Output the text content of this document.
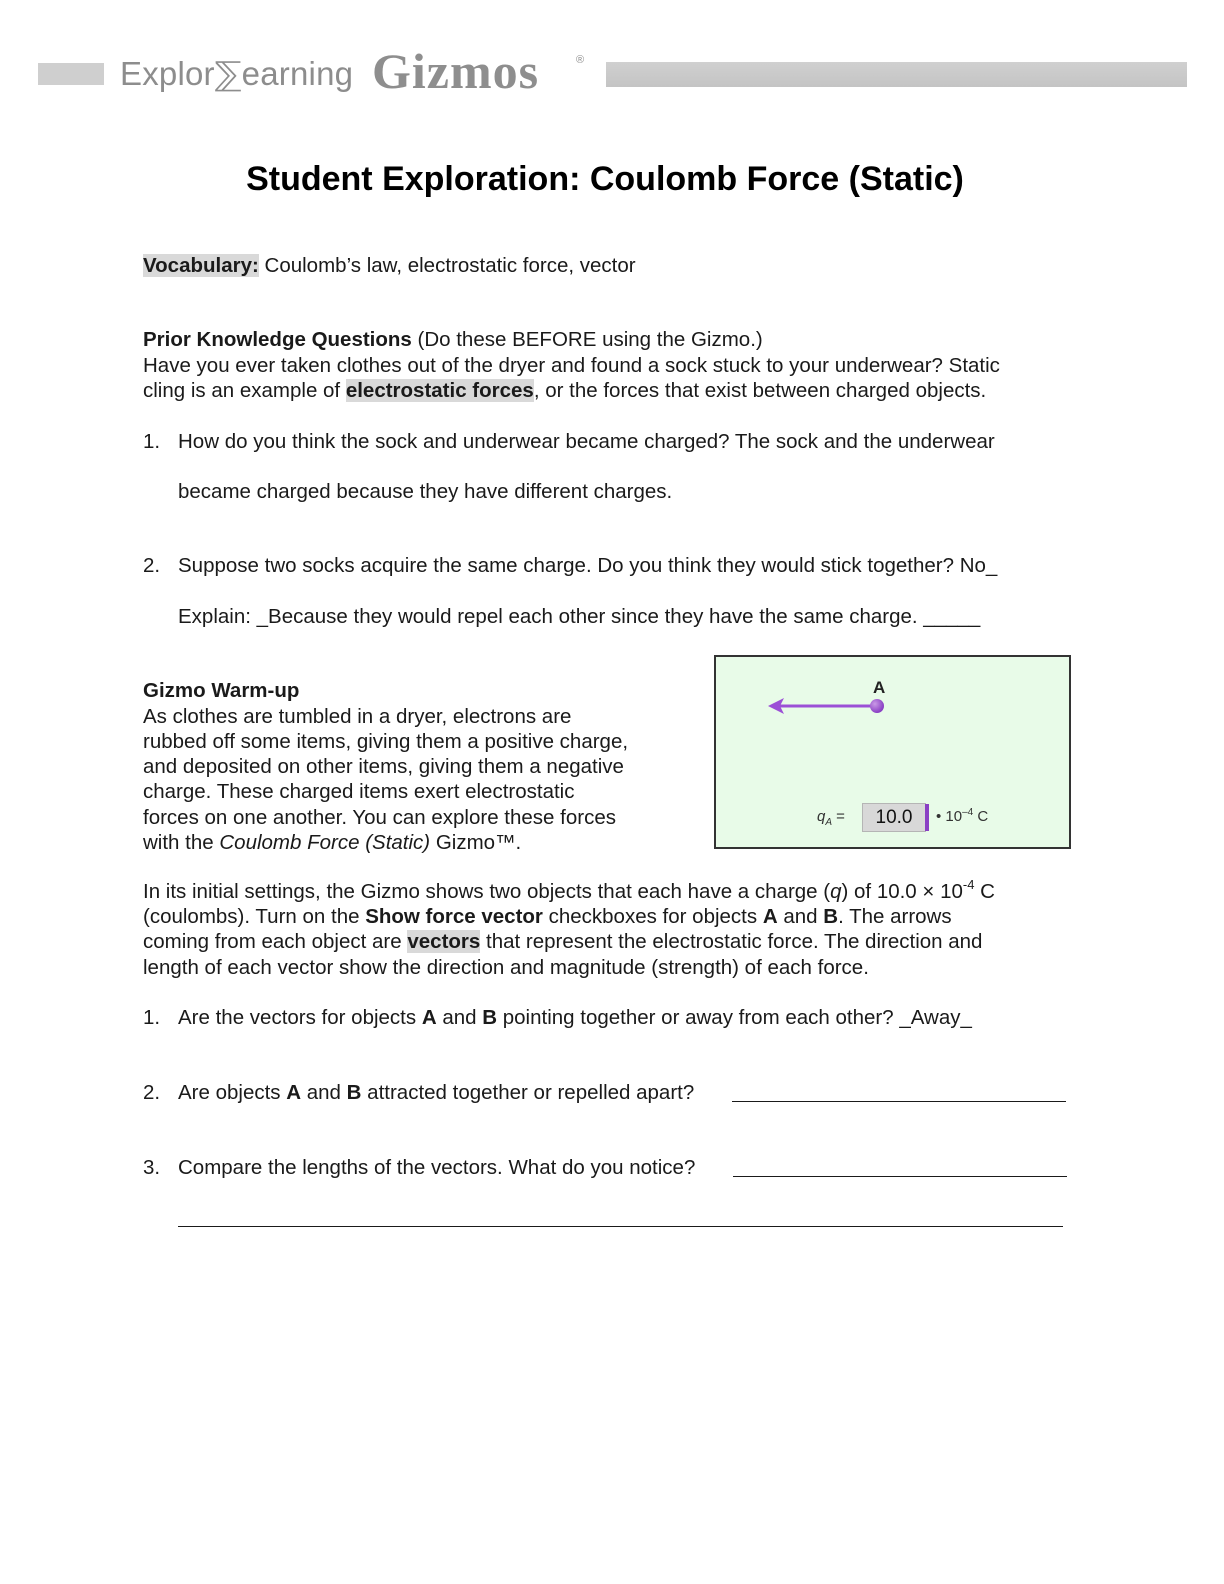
Explor⅀earning Gizmos	®
Student Exploration: Coulomb Force (Static)
Vocabulary: Coulomb’s law, electrostatic force, vector
Prior Knowledge Questions (Do these BEFORE using the Gizmo.)
Have you ever taken clothes out of the dryer and found a sock stuck to your underwear? Static
cling is an example of electrostatic forces, or the forces that exist between charged objects.
1. How do you think the sock and underwear became charged? The sock and the underwear
became charged because they have different charges.
2. Suppose two socks acquire the same charge. Do you think they would stick together? No_
Explain: _Because they would repel each other since they have the same charge. _____
Gizmo Warm-up
As clothes are tumbled in a dryer, electrons are
rubbed off some items, giving them a positive charge,
and deposited on other items, giving them a negative
charge. These charged items exert electrostatic
forces on one another. You can explore these forces
with the Coulomb Force (Static) Gizmo™.
A
$q_A$ =	10.0	• $10^{-4}$ C
In its initial settings, the Gizmo shows two objects that each have a charge (q) of $10.0 \times 10^{-4}$ C
(coulombs). Turn on the Show force vector checkboxes for objects A and B. The arrows
coming from each object are vectors that represent the electrostatic force. The direction and
length of each vector show the direction and magnitude (strength) of each force.
1. Are the vectors for objects A and B pointing together or away from each other? _Away_
2. Are objects A and B attracted together or repelled apart?
3. Compare the lengths of the vectors. What do you notice?
